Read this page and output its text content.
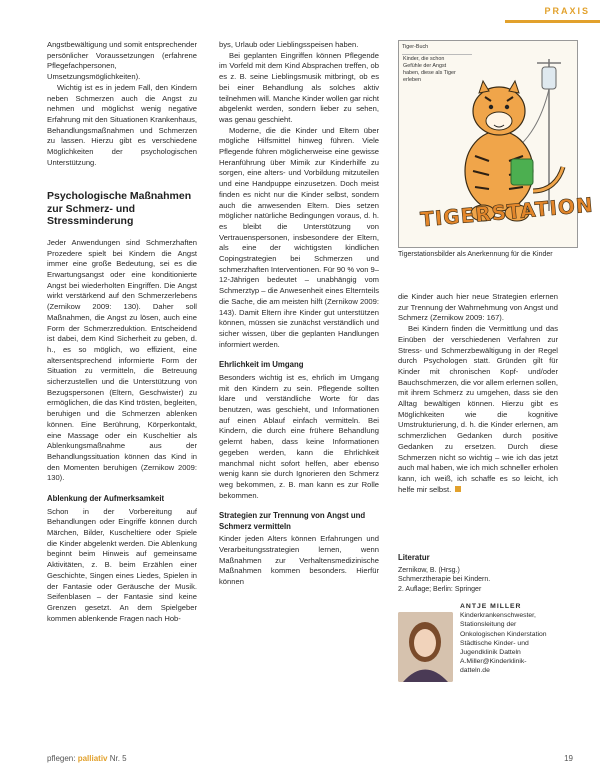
PRAXIS

Angstbewältigung und somit entsprechender persönlicher Voraussetzungen (erfahrene Pflegefachpersonen, Umsetzungsmöglichkeiten).

Wichtig ist es in jedem Fall, den Kindern neben Schmerzen auch die Angst zu nehmen und möglichst wenig negative Erfahrung mit den Situationen Krankenhaus, Behandlungsmaßnahmen und Schmerzen zu lassen. Hierzu gibt es verschiedene Möglichkeiten der psychologischen Unterstützung.

Psychologische Maßnahmen zur Schmerz- und Stressminderung

Jeder Anwendungen sind Schmerzhaften Prozedere spielt bei Kindern die Angst immer eine große Bedeutung, sei es die Erwartungsangst oder eine konditionierte Angst bei wiederholten Eingriffen. Die Angst wirkt verstärkend auf den Schmerzerlebens (Zernikow 2009: 130). Daher soll Maßnahmen, die Angst zu lösen, auch eine Form der Schmerzreduktion. Entscheidend ist dabei, dem Kind Sicherheit zu geben, d. h., es so möglich, wo effizient, eine altersentsprechend informierte Form der Situation zu vermitteln, die Betreuung sicherzustellen und die Unterstützung von Bezugspersonen (Eltern, Geschwister) zu ermöglichen, die das Kind trösten, begleiten, beruhigen und die Schmerzen ablenken können. Eine Berührung, Körperkontakt, eine Massage oder ein Kuscheltier als Ablenkungsmaßnahme aus der Behandlungssituation können das Kind in den Momenten beruhigen (Zernikow 2009: 130).

Ablenkung der Aufmerksamkeit

Schon in der Vorbereitung auf Behandlungen oder Eingriffe können durch Märchen, Bilder, Kuscheltiere oder Spiele die Kinder abgelenkt werden. Die Ablenkung beginnt beim Hinweis auf gemeinsame Aktivitäten, z. B. beim Erzählen einer Geschichte, Singen eines Liedes, Spielen in der Fantasie oder Geräusche der Musik. Seifenblasen – der Fantasie sind keine Grenzen gesetzt. An dem Spielgeber kommen ablenkende Fragen nach Hob-

bys, Urlaub oder Lieblingsspeisen haben.

Bei geplanten Eingriffen können Pflegende im Vorfeld mit dem Kind Absprachen treffen, ob es z. B. seine Lieblingsmusik mitbringt, ob es bei einer Behandlung als solches aktiv teilnehmen will. Manche Kinder wollen gar nicht abgelenkt werden, sondern lieber zu sehen, was genau geschieht.

Moderne, die die Kinder und Eltern über mögliche Hilfsmittel hinweg führen. Viele Pflegende führen möglicherweise eine gewisse Heranführung über Mimik zur Kinderhilfe zu sorgen, eine alters- und Vorbildung mitzuteilen und eine Handpuppe einzusetzen. Doch meist finden es nicht nur die Kinder selbst, sondern auch die anwesenden Eltern. Dies setzen möglicher natürliche Bedingungen voraus, d. h. es bleibt die Unterstützung von Vertrauenspersonen, insbesondere der Eltern, als eine der wichtigsten kindlichen Copingstrategien bei Schmerzen und schmerzhaften Interventionen. Für 90 % von 9–12-Jährigen bedeutet – unabhängig vom Schmerztyp – die Anwesenheit eines Elternteils die Sache, die am meisten hilft (Zernikow 2009: 143). Damit Eltern ihre Kinder gut unterstützen können, müssen sie zunächst verständlich und sicher wissen, über die geplanten Handlungen informiert werden.

Ehrlichkeit im Umgang

Besonders wichtig ist es, ehrlich im Umgang mit den Kindern zu sein. Pflegende sollten klare und verständliche Worte für das benutzen, was geschieht, und Informationen auf einen Ablauf einfach vermitteln. Bei Kindern, die durch eine frühere Behandlung gelernt haben, dass keine Informationen gegeben werden, kann die Ehrlichkeit manchmal nicht sofort helfen, aber ebenso wenig kann sie durch Ignorieren den Schmerz weg bekommen, z. B. man kann es zur Rolle bekommen.

Strategien zur Trennung von Angst und Schmerz vermitteln

Kinder jeden Alters können Erfahrungen und Verarbeitungsstrategien lernen, wenn Maßnahmen zur Verhaltensmedizinische Maßnahmen kommen besonders. Hierfür können

Tiger-Buch
Kinder, die schon Gefühle der Angst haben, diese als Tiger erleben
TIGERSTATION
Tigerstationsbilder als Anerkennung für die Kinder

die Kinder auch hier neue Strategien erlernen zur Trennung der Wahrnehmung von Angst und Schmerz (Zernikow 2009: 167).

Bei Kindern finden die Vermittlung und das Einüben der verschiedenen Verfahren zur Stress- und Schmerzbewältigung in der Regel durch Psychologen statt. Gründen gilt für Kinder mit chronischen Kopf- und/oder Bauchschmerzen, die vor allem erlernen sollen, mit ihrem Schmerz zu umgehen, dass sie den Alltag bewältigen können. Hierzu gibt es Möglichkeiten wie die kognitive Umstrukturierung, d. h. die Kinder erlernen, am schmerzlichen Gedanken durch positive Gedanken zu ersetzen. Durch diese Schmerzen nicht so wichtig – wie ich das jetzt auch mal haben, wie ich mich schneller erholen kann, ich weiß, ich schaffe es so leicht, ich helfe mir selbst.

Literatur
Zernikow, B. (Hrsg.)
Schmerztherapie bei Kindern.
2. Auflage; Berlin: Springer
ANTJE MILLER
Kinderkrankenschwester,
Stationsleitung der
Onkologischen Kinderstation
Städtische Kinder- und
Jugendklinik Datteln
A.Miller@Kinderklinik-
datteln.de
pflegen: palliativ Nr. 5	19
